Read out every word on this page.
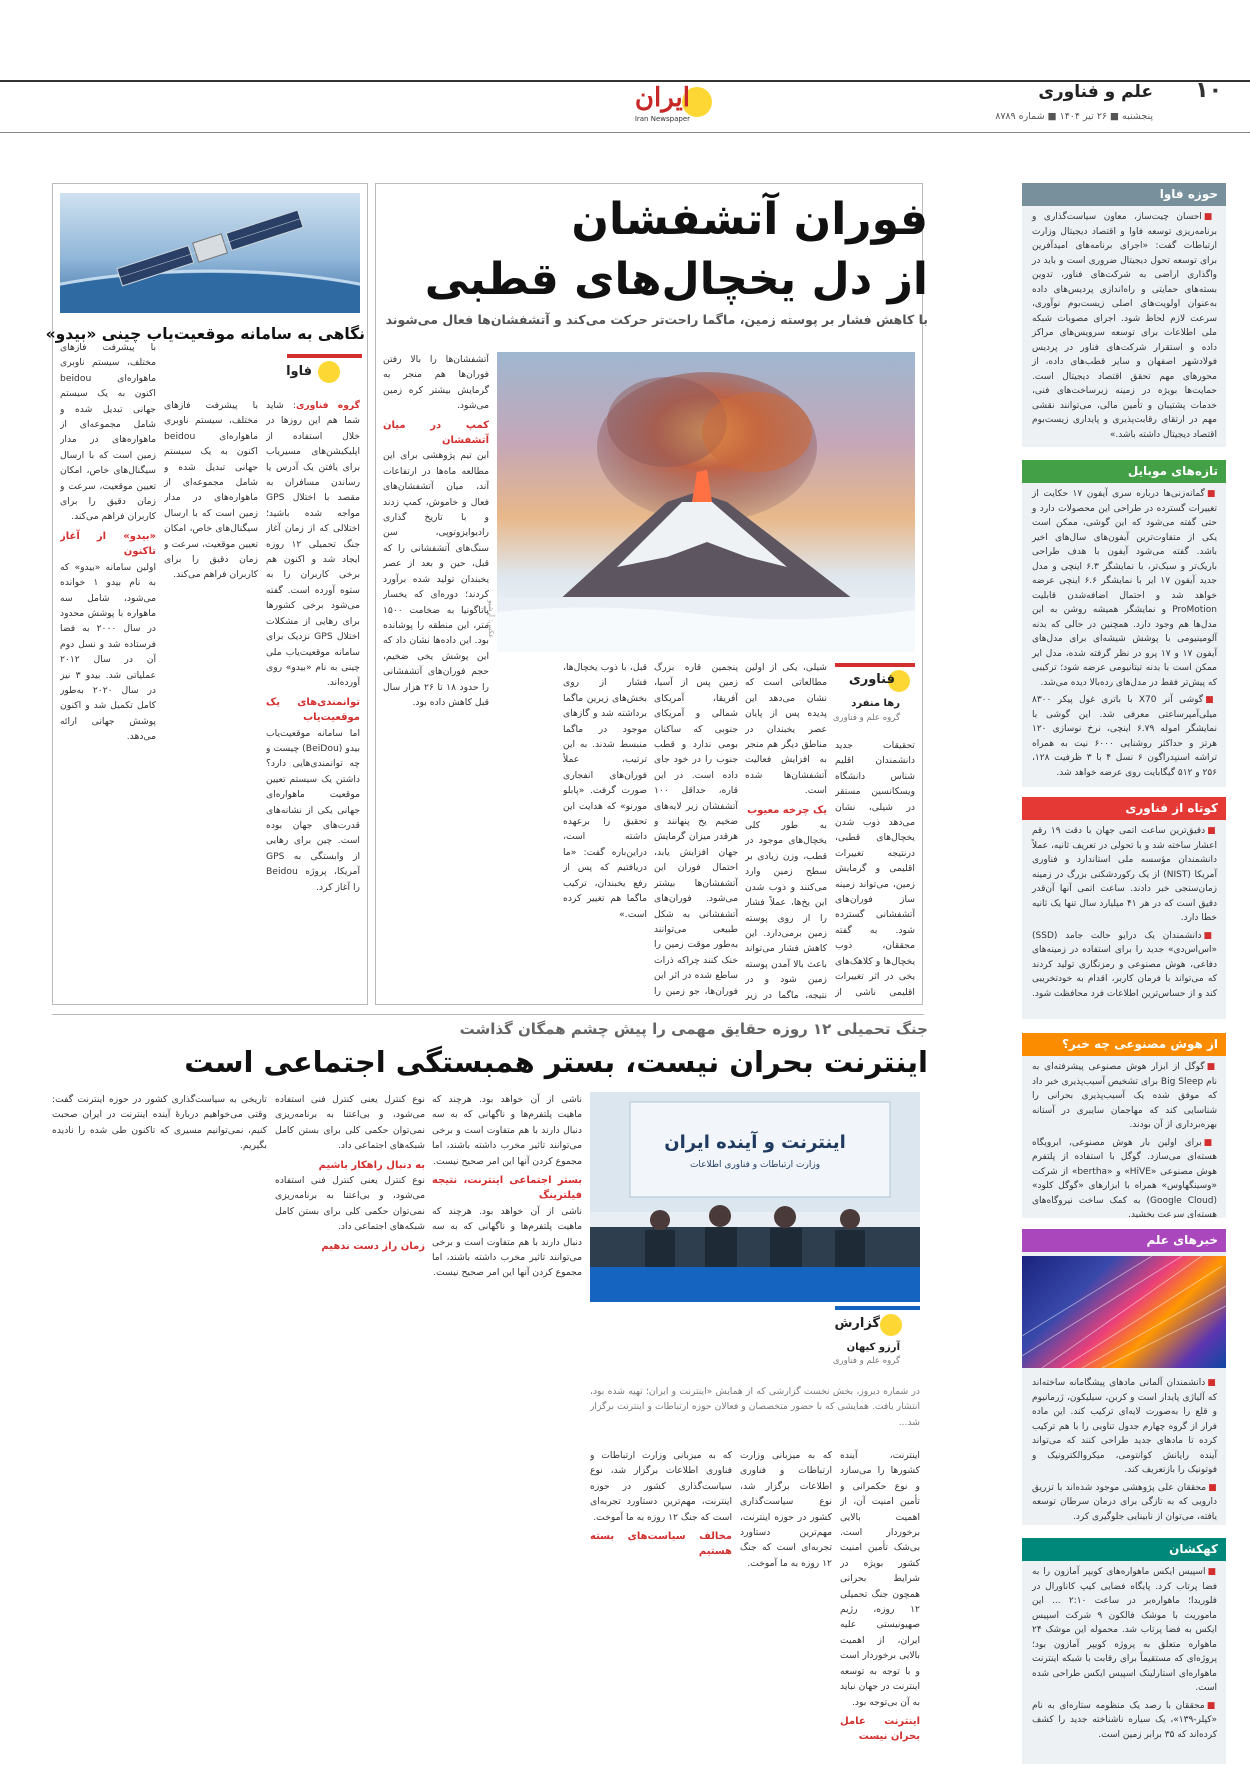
۱۰
علم و فناوری
پنجشنبه ■ ۲۶ تیر ۱۴۰۴ ■ شماره ۸۷۸۹
ایران
Iran Newspaper
حوزه فاوا

■احسان چیت‌ساز، معاون سیاست‌گذاری و برنامه‌ریزی توسعه فاوا و اقتصاد دیجیتال وزارت ارتباطات گفت: «اجرای برنامه‌های امیدآفرین برای توسعه تحول دیجیتال ضروری است و باید در واگذاری اراضی به شرکت‌های فناور، تدوین بسته‌های حمایتی و راه‌اندازی پردیس‌های داده به‌عنوان اولویت‌های اصلی زیست‌بوم نوآوری، سرعت لازم لحاظ شود. اجرای مصوبات شبکه ملی اطلاعات برای توسعه سرویس‌های مراکز داده و استقرار شرکت‌های فناور در پردیس فولادشهر اصفهان و سایر قطب‌های داده، از محورهای مهم تحقق اقتصاد دیجیتال است. حمایت‌ها بویژه در زمینه زیرساخت‌های فنی، خدمات پشتیبان و تأمین مالی، می‌توانند نقشی مهم در ارتقای رقابت‌پذیری و پایداری زیست‌بوم اقتصاد دیجیتال داشته باشد.»

تازه‌های موبایل

■گمانه‌زنی‌ها درباره سری آیفون ۱۷ حکایت از تغییرات گسترده در طراحی این محصولات دارد و حتی گفته می‌شود که این گوشی، ممکن است یکی از متفاوت‌ترین آیفون‌های سال‌های اخیر باشد. گفته می‌شود آیفون با هدف طراحی باریک‌تر و سبک‌تر، با نمایشگر ۶.۳ اینچی و مدل جدید آیفون ۱۷ ایر با نمایشگر ۶.۶ اینچی عرضه خواهد شد و احتمال اضافه‌شدن قابلیت ProMotion و نمایشگر همیشه روشن به این مدل‌ها هم وجود دارد. همچنین در حالی که بدنه آلومینیومی با پوشش شیشه‌ای برای مدل‌های آیفون ۱۷ و ۱۷ پرو در نظر گرفته شده، مدل ایر ممکن است با بدنه تیتانیومی عرضه شود؛ ترکیبی که پیش‌تر فقط در مدل‌های رده‌بالا دیده می‌شد.

■گوشی آنر X70 با باتری غول پیکر ۸۳۰۰ میلی‌آمپرساعتی معرفی شد. این گوشی با نمایشگر اموله ۶.۷۹ اینچی، نرخ نوسازی ۱۲۰ هرتز و حداکثر روشنایی ۶۰۰۰ نیت به همراه تراشه اسنپدراگون ۶ نسل ۴ با ۳ ظرفیت ۱۲۸، ۲۵۶ و ۵۱۲ گیگابایت روی عرضه خواهد شد.

کوتاه از فناوری

■دقیق‌ترین ساعت اتمی جهان با دقت ۱۹ رقم اعشار ساخته شد و با تحولی در تعریف ثانیه، عملاً دانشمندان مؤسسه ملی استاندارد و فناوری آمریکا (NIST) از یک رکوردشکنی بزرگ در زمینه زمان‌سنجی خبر دادند. ساعت اتمی آنها آن‌قدر دقیق است که در هر ۴۱ میلیارد سال تنها یک ثانیه خطا دارد.

■دانشمندان یک درایو حالت جامد (SSD) «اس‌اس‌دی» جدید را برای استفاده در زمینه‌های دفاعی، هوش مصنوعی و رمزنگاری تولید کردند که می‌تواند با فرمان کاربر، اقدام به خودتخریبی کند و از حساس‌ترین اطلاعات فرد محافظت شود.

از هوش مصنوعی چه خبر؟

■گوگل از ابزار هوش مصنوعی پیشرفته‌ای به نام Big Sleep برای تشخیص آسیب‌پذیری خبر داد که موفق شده یک آسیب‌پذیری بحرانی را شناسایی کند که مهاجمان سایبری در آستانه بهره‌برداری از آن بودند.

■برای اولین بار هوش مصنوعی، ابرویگاه هسته‌ای می‌سازد. گوگل با استفاده از پلتفرم هوش مصنوعی «HiVE» و «bertha» از شرکت «وسینگهاوس» همراه با ابزارهای «گوگل کلود» (Google Cloud) به کمک ساخت نیروگاه‌های هسته‌ای سرعت بخشید.

خبرهای علم

■دانشمندان آلمانی مادهای پیشگامانه ساخته‌اند که آلیاژی پایدار است و کربن، سیلیکون، ژرمانیوم و قلع را به‌صورت لایه‌ای ترکیب کند. این ماده فرار از گروه چهارم جدول تناوبی را با هم ترکیب کرده تا مادهای جدید طراحی کنند که می‌تواند آینده رایانش کوانتومی، میکروالکترونیک و فوتونیک را بازتعریف کند.

■محققان علی پژوهشی موجود شده‌اند با تزریق دارویی که به تازگی برای درمان سرطان توسعه یافته، می‌توان از نابینایی جلوگیری کرد.

کهکشان

■اسپیس ایکس ماهواره‌های کویپر آمازون را به فضا پرتاب کرد. پایگاه فضایی کیپ کاناورال در فلوریدا؛ ماهواره‌بر در ساعت ۲:۱۰ ... این ماموریت با موشک فالکون ۹ شرکت اسپیس ایکس به فضا پرتاب شد. محموله این موشک ۲۴ ماهواره متعلق به پروژه کویپر آمازون بود؛ پروژه‌ای که مستقیماً برای رقابت با شبکه اینترنت ماهواره‌ای استارلینک اسپیس ایکس طراحی شده است.

■محققان با رصد یک منظومه ستاره‌ای به نام «کپلر-۱۳۹»، یک سیاره ناشناخته جدید را کشف کرده‌اند که ۳۵ برابر زمین است.

فوران آتشفشان
از دل یخچال‌های قطبی
با کاهش فشار بر پوسته زمین، ماگما راحت‌تر حرکت می‌کند و آتشفشان‌ها فعال می‌شوند
عکس: آرشیو
فناوری
رها منفرد
گروه علم و فناوری

تحقیقات جدید دانشمندان اقلیم شناس دانشگاه ویسکانسین مستقر در شیلی، نشان می‌دهد ذوب شدن یخچال‌های قطبی، درنتیجه تغییرات اقلیمی و گرمایش زمین، می‌تواند زمینه ساز فوران‌های آتشفشانی گسترده شود. به گفته محققان، ذوب یخچال‌ها و کلاهک‌های یخی در اثر تغییرات اقلیمی ناشی از

شیلی، یکی از اولین مطالعاتی است که نشان می‌دهد این پدیده پس از پایان عصر یخبندان در مناطق دیگر هم منجر به افزایش فعالیت آتشفشان‌ها شده است.

یک چرخه معیوب

به طور کلی یخچال‌های موجود در قطب، وزن زیادی بر سطح زمین وارد می‌کنند و ذوب شدن این یخ‌ها، عملاً فشار را از روی پوسته زمین برمی‌دارد. این کاهش فشار می‌تواند باعث بالا آمدن پوسته زمین شود و در نتیجه، ماگما در زیر

پنجمین قاره بزرگ زمین پس از آسیا، آفریقا، آمریکای شمالی و آمریکای جنوبی که ساکنان بومی ندارد و قطب جنوب را در خود جای داده است. در این قاره، حداقل ۱۰۰ آتشفشان زیر لایه‌های ضخیم یخ پنهانند و هرقدر میزان گرمایش جهان افزایش یابد، احتمال فوران این آتشفشان‌ها بیشتر می‌شود. فوران‌های آتشفشانی به شکل طبیعی می‌توانند به‌طور موقت زمین را خنک کنند چراکه ذرات ساطع شده در اثر این فوران‌ها، جو زمین را

قبل، با ذوب یخچال‌ها، فشار از روی بخش‌های زیرین ماگما برداشته شد و گازهای موجود در ماگما منبسط شدند. به این ترتیب، عملاً فوران‌های انفجاری صورت گرفت. «پابلو مورنو» که هدایت این تحقیق را برعهده داشته است، دراین‌باره گفت: «ما دریافتیم که پس از رفع یخبندان، ترکیب ماگما هم تغییر کرده است.»

آتشفشان‌ها را بالا رفتن فوران‌ها هم منجر به گرمایش بیشتر کره زمین می‌شود.

کمپ در میان آتشفشان

این تیم پژوهشی برای این مطالعه ماه‌ها در ارتفاعات آند، میان آتشفشان‌های فعال و خاموش، کمپ زدند و با تاریخ گذاری رادیوایزوتوپی، سن سنگ‌های آتشفشانی را که قبل، حین و بعد از عصر یخبندان تولید شده برآورد کردند؛ دوره‌ای که یخسار پاتاگونیا به ضخامت ۱۵۰۰ متر، این منطقه را پوشانده بود. این داده‌ها نشان داد که این پوشش یخی ضخیم، حجم فوران‌های آتشفشانی را حدود ۱۸ تا ۲۶ هزار سال قبل کاهش داده بود.

نگاهی به سامانه موقعیت‌یاب چینی «بیدو»
فاوا

گروه فناوری: شاید شما هم این روزها در خلال استفاده از اپلیکیشن‌های مسیریاب برای یافتن یک آدرس یا رساندن مسافران به مقصد با اختلال GPS مواجه شده باشید؛ اختلالی که از زمان آغاز جنگ تحمیلی ۱۲ روزه ایجاد شد و اکنون هم برخی کاربران را به ستوه آورده است. گفته می‌شود برخی کشورها برای رهایی از مشکلات اختلال GPS نزدیک برای سامانه موقعیت‌یاب ملی چینی به نام «بیدو» روی آورده‌اند.

توانمندی‌های یک موقعیت‌یاب

اما سامانه موقعیت‌یاب بیدو (BeiDou) چیست و چه توانمندی‌هایی دارد؟ داشتن یک سیستم تعیین موقعیت ماهواره‌ای جهانی یکی از نشانه‌های قدرت‌های جهان بوده است. چین برای رهایی از وابستگی به GPS آمریکا، پروژه Beidou را آغاز کرد.

با پیشرفت فازهای مختلف، سیستم ناوبری ماهواره‌ای beidou اکنون به یک سیستم جهانی تبدیل شده و شامل مجموعه‌ای از ماهواره‌های در مدار زمین است که با ارسال سیگنال‌های خاص، امکان تعیین موقعیت، سرعت و زمان دقیق را برای کاربران فراهم می‌کند.

با پیشرفت فازهای مختلف، سیستم ناوبری ماهواره‌ای beidou اکنون به یک سیستم جهانی تبدیل شده و شامل مجموعه‌ای از ماهواره‌های در مدار زمین است که با ارسال سیگنال‌های خاص، امکان تعیین موقعیت، سرعت و زمان دقیق را برای کاربران فراهم می‌کند.

«بیدو» از آغاز تاکنون

اولین سامانه «بیدو» که به نام بیدو ۱ خوانده می‌شود، شامل سه ماهواره با پوشش محدود در سال ۲۰۰۰ به فضا فرستاده شد و نسل دوم آن در سال ۲۰۱۲ عملیاتی شد. بیدو ۳ نیز در سال ۲۰۲۰ به‌طور کامل تکمیل شد و اکنون پوشش جهانی ارائه می‌دهد.

جنگ تحمیلی ۱۲ روزه حقایق مهمی را پیش چشم همگان گذاشت
اینترنت بحران نیست، بستر همبستگی اجتماعی است
اینترنت و آینده ایران
وزارت ارتباطات و فناوری اطلاعات
گزارش
آرزو کیهان
گروه علم و فناوری

در شماره دیروز، بخش نخست گزارشی که از همایش «اینترنت و ایران؛ تهیه شده بود، انتشار یافت. همایشی که با حضور متخصصان و فعالان حوزه ارتباطات و اینترنت برگزار شد...

اینترنت، آینده کشورها را می‌سازد و نوع حکمرانی و تأمین امنیت آن، از اهمیت بالایی برخوردار است. بی‌شک تأمین امنیت کشور بویژه در شرایط بحرانی همچون جنگ تحمیلی ۱۲ روزه، رژیم صهیونیستی علیه ایران، از اهمیت بالایی برخوردار است و با توجه به توسعه اینترنت در جهان نباید به آن بی‌توجه بود.

اینترنت عامل بحران نیست

که به میزبانی وزارت ارتباطات و فناوری اطلاعات برگزار شد، نوع سیاست‌گذاری کشور در حوزه اینترنت، مهم‌ترین دستاورد تجربه‌ای است که جنگ ۱۲ روزه به ما آموخت.

که به میزبانی وزارت ارتباطات و فناوری اطلاعات برگزار شد، نوع سیاست‌گذاری کشور در حوزه اینترنت، مهم‌ترین دستاورد تجربه‌ای است که جنگ ۱۲ روزه به ما آموخت.

مخالف سیاست‌های بسته هستیم

ناشی از آن خواهد بود. هرچند که ماهیت پلتفرم‌ها و ناگهانی که به سه دنبال دارند با هم متفاوت است و برخی می‌توانند تاثیر مخرب داشته باشند، اما مجموع کردن آنها این امر صحیح نیست.

بستر اجتماعی اینترنت، نتیجه فیلترینگ

ناشی از آن خواهد بود. هرچند که ماهیت پلتفرم‌ها و ناگهانی که به سه دنبال دارند با هم متفاوت است و برخی می‌توانند تاثیر مخرب داشته باشند، اما مجموع کردن آنها این امر صحیح نیست.

نوع کنترل یعنی کنترل فنی استفاده می‌شود، و بی‌اعتنا به برنامه‌ریزی نمی‌توان حکمی کلی برای بستن کامل شبکه‌های اجتماعی داد.

به دنبال راهکار باشیم

نوع کنترل یعنی کنترل فنی استفاده می‌شود، و بی‌اعتنا به برنامه‌ریزی نمی‌توان حکمی کلی برای بستن کامل شبکه‌های اجتماعی داد.

زمان راز دست ندهیم

تاریخی به سیاست‌گذاری کشور در حوزه اینترنت گفت: وقتی می‌خواهیم دربارهٔ آینده اینترنت در ایران صحبت کنیم، نمی‌توانیم مسیری که تاکنون طی شده را نادیده بگیریم.
